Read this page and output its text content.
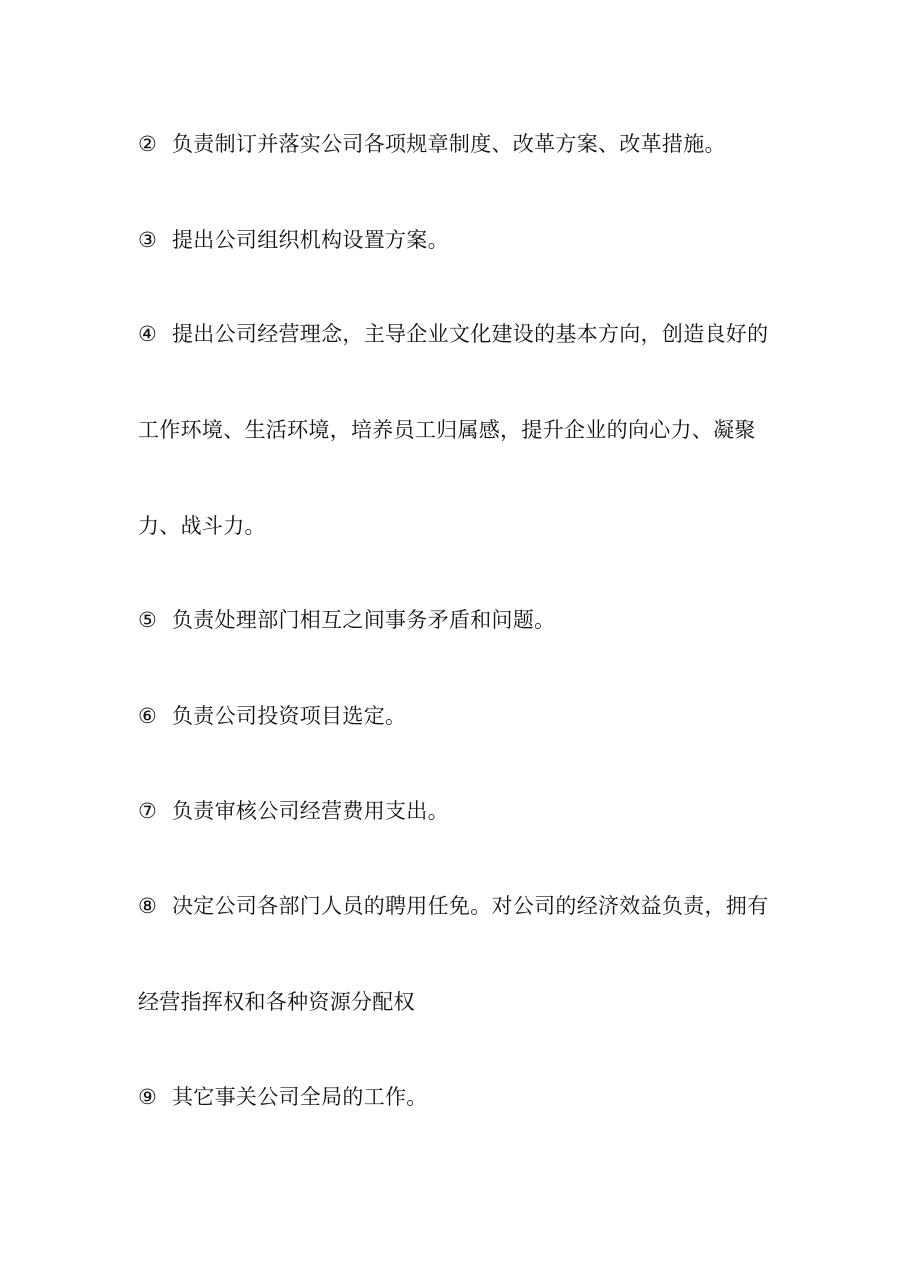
② 负责制订并落实公司各项规章制度、改革方案、改革措施。
③ 提出公司组织机构设置方案。
④ 提出公司经营理念，主导企业文化建设的基本方向，创造良好的
工作环境、生活环境，培养员工归属感，提升企业的向心力、凝聚
力、战斗力。
⑤ 负责处理部门相互之间事务矛盾和问题。
⑥ 负责公司投资项目选定。
⑦ 负责审核公司经营费用支出。
⑧ 决定公司各部门人员的聘用任免。对公司的经济效益负责，拥有
经营指挥权和各种资源分配权
⑨ 其它事关公司全局的工作。
